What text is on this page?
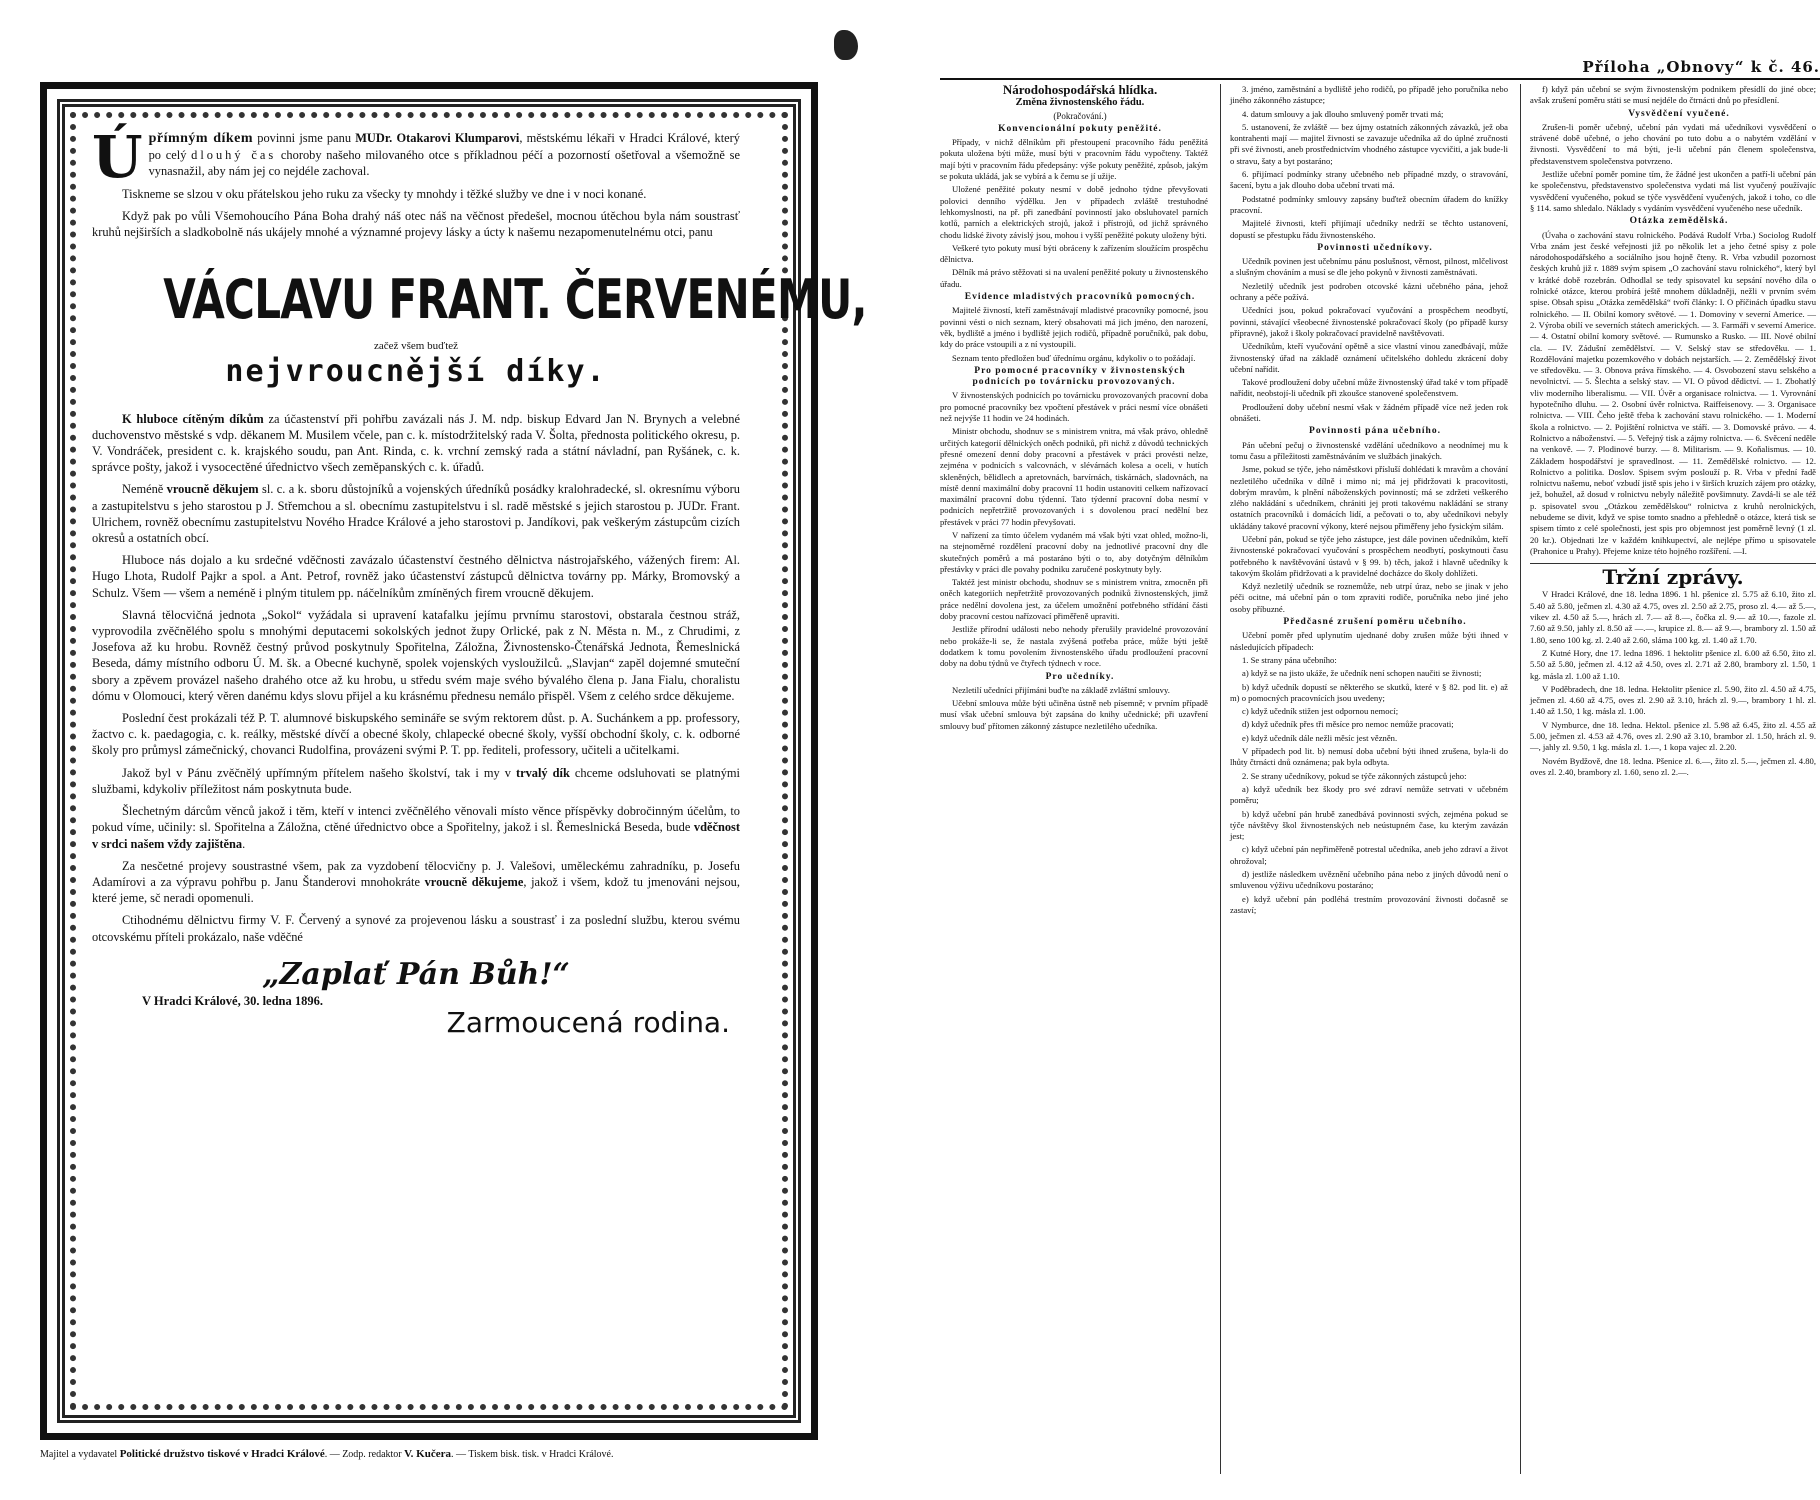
Úpřímným díkem povinni jsme panu MUDr. Otakarovi Klumparovi, městskému lékaři v Hradci Králové, který po celý dlouhý čas choroby našeho milovaného otce s příkladnou péčí a pozorností ošetřoval a všemožně se vynasnažil, aby nám jej co nejdéle zachoval.

Tiskneme se slzou v oku přátelskou jeho ruku za všecky ty mnohdy i těžké služby ve dne i v noci konané.

Když pak po vůli Všemohoucího Pána Boha drahý náš otec náš na věčnost předešel, mocnou útěchou byla nám soustrasť kruhů nejširších a sladkobolně nás ukájely mnohé a významné projevy lásky a úcty k našemu nezapomenutelnému otci, panu

VÁCLAVU FRANT. ČERVENÉMU,
začež všem buďtež
nejvroucnější díky.

K hluboce cítěným díkům za účastenství při pohřbu zavázali nás J. M. ndp. biskup Edvard Jan N. Brynych a velebné duchovenstvo městské s vdp. děkanem M. Musilem včele, pan c. k. místodržitelský rada V. Šolta, přednosta politického okresu, p. V. Vondráček, president c. k. krajského soudu, pan Ant. Rinda, c. k. vrchní zemský rada a státní návladní, pan Ryšánek, c. k. správce pošty, jakož i vysocectěné úřednictvo všech zeměpanských c. k. úřadů.

Neméně vroucně děkujem sl. c. a k. sboru důstojníků a vojenských úředníků posádky kralohradecké, sl. okresnímu výboru a zastupitelstvu s jeho starostou p J. Střemchou a sl. obecnímu zastupitelstvu i sl. radě městské s jejich starostou p. JUDr. Frant. Ulrichem, rovněž obecnímu zastupitelstvu Nového Hradce Králové a jeho starostovi p. Jandíkovi, pak veškerým zástupcům cizích okresů a ostatních obcí.

Hluboce nás dojalo a ku srdečné vděčnosti zavázalo účastenství čestného dělnictva nástrojařského, vážených firem: Al. Hugo Lhota, Rudolf Pajkr a spol. a Ant. Petrof, rovněž jako účastenství zástupců dělnictva továrny pp. Márky, Bromovský a Schulz. Všem — všem a neméně i plným titulem pp. náčelníkům zmíněných firem vroucně děkujem.

Slavná tělocvičná jednota „Sokol“ vyžádala si upravení katafalku jejímu prvnímu starostovi, obstarala čestnou stráž, vyprovodila zvěčnělého spolu s mnohými deputacemi sokolských jednot župy Orlické, pak z N. Města n. M., z Chrudimi, z Josefova až ku hrobu. Rovněž čestný průvod poskytnuly Spořitelna, Záložna, Živnostensko-Čtenářská Jednota, Řemeslnická Beseda, dámy místního odboru Ú. M. šk. a Obecné kuchyně, spolek vojenských vysloužilců. „Slavjan“ zapěl dojemné smuteční sbory a zpěvem provázel našeho drahého otce až ku hrobu, u středu svém maje svého bývalého člena p. Jana Fialu, choralistu dómu v Olomouci, který věren danému kdys slovu přijel a ku krásnému přednesu nemálo přispěl. Všem z celého srdce děkujeme.

Poslední čest prokázali též P. T. alumnové biskupského semináře se svým rektorem důst. p. A. Suchánkem a pp. professory, žactvo c. k. paedagogia, c. k. reálky, městské dívčí a obecné školy, chlapecké obecné školy, vyšší obchodní školy, c. k. odborné školy pro průmysl zámečnický, chovanci Rudolfina, provázeni svými P. T. pp. řediteli, professory, učiteli a učitelkami.

Jakož byl v Pánu zvěčnělý upřímným přítelem našeho školství, tak i my v trvalý dík chceme odsluhovati se platnými službami, kdykoliv příležitost nám poskytnuta bude.

Šlechetným dárcům věnců jakož i těm, kteří v intenci zvěčnělého věnovali místo věnce příspěvky dobročinným účelům, to pokud víme, učinily: sl. Spořitelna a Záložna, ctěné úřednictvo obce a Spořitelny, jakož i sl. Řemeslnická Beseda, bude vděčnost v srdci našem vždy zajištěna.

Za nesčetné projevy soustrastné všem, pak za vyzdobení tělocvičny p. J. Valešovi, uměleckému zahradníku, p. Josefu Adamírovi a za výpravu pohřbu p. Janu Štanderovi mnohokráte vroucně děkujeme, jakož i všem, kdož tu jmenováni nejsou, které jeme, sč neradi opomenuli.

Ctihodnému dělnictvu firmy V. F. Červený a synové za projevenou lásku a soustrasť i za poslední službu, kterou svému otcovskému příteli prokázalo, naše vděčné

„Zaplať Pán Bůh!“
V Hradci Králové, 30. ledna 1896.
Zarmoucená rodina.
Majitel a vydavatel Politické družstvo tiskové v Hradci Králové. — Zodp. redaktor V. Kučera. — Tiskem bisk. tisk. v Hradci Králové.
Příloha „Obnovy“ k č. 46.

Národohospodářská hlídka.

Změna živnostenského řádu.

(Pokračování.)

Konvencionální pokuty peněžité.

Případy, v nichž dělníkům při přestoupení pracovního řádu peněžitá pokuta uložena býti může, musí býti v pracovním řádu vypočteny. Taktéž mají býti v pracovním řádu předepsány: výše pokuty peněžité, způsob, jakým se pokuta ukládá, jak se vybírá a k čemu se jí užije.

Uložené peněžité pokuty nesmí v době jednoho týdne převyšovati polovici denního výdělku. Jen v případech zvláště trestuhodné lehkomyslnosti, na př. při zanedbání povinností jako obsluhovatel parních kotlů, parních a elektrických strojů, jakož i přístrojů, od jichž správného chodu lidské životy závislý jsou, mohou i vyšší peněžité pokuty uloženy býti.

Veškeré tyto pokuty musí býti obráceny k zařízením sloužícím prospěchu dělnictva.

Dělník má právo stěžovati si na uvalení peněžité pokuty u živnostenského úřadu.

Evidence mladistvých pracovníků pomocných.

Majitelé živností, kteří zaměstnávají mladistvé pracovníky pomocné, jsou povinni vésti o nich seznam, který obsahovati má jich jméno, den narození, věk, bydliště a jméno i bydliště jejich rodičů, případně poručníků, pak dobu, kdy do práce vstoupili a z ní vystoupili.

Seznam tento předložen buď úřednímu orgánu, kdykoliv o to požádají.

Pro pomocné pracovníky v živnostenských podnicích po továrnicku provozovaných.

V živnostenských podnicích po továrnicku provozovaných pracovní doba pro pomocné pracovníky bez vpočtení přestávek v práci nesmí více obnášeti než nejvýše 11 hodin ve 24 hodinách.

Ministr obchodu, shodnuv se s ministrem vnitra, má však právo, ohledně určitých kategorií dělnických oněch podniků, při nichž z důvodů technických přesné omezení denní doby pracovní a přestávek v práci provésti nelze, zejména v podnicích s valcovnách, v slévárnách kolesa a oceli, v hutích skleněných, bělidlech a apretovnách, barvírnách, tiskárnách, sladovnách, na místě denní maximální doby pracovní 11 hodin ustanoviti celkem nařízovací maximální pracovní dobu týdenní. Tato týdenní pracovní doba nesmí v podnicích nepřetržitě provozovaných i s dovolenou prací nedělní bez přestávek v práci 77 hodin převyšovati.

V nařízení za tímto účelem vydaném má však býti vzat ohled, možno-li, na stejnoměrné rozdělení pracovní doby na jednotlivé pracovní dny dle skutečných poměrů a má postaráno býti o to, aby dotyčným dělníkům přestávky v práci dle povahy podniku zaručené poskytnuty byly.

Taktéž jest ministr obchodu, shodnuv se s ministrem vnitra, zmocněn při oněch kategoriích nepřetržitě provozovaných podniků živnostenských, jimž práce nedělní dovolena jest, za účelem umožnění potřebného střídání části doby pracovní cestou nařízovací přiměřeně upraviti.

Jestliže přírodní události nebo nehody přerušily pravidelné provozování nebo prokáže-li se, že nastala zvýšená potřeba práce, může býti ještě dodatkem k tomu povolením živnostenského úřadu prodloužení pracovní doby na dobu týdnů ve čtyřech týdnech v roce.

Pro učedníky.

Nezletilí učedníci přijímáni buďte na základě zvláštní smlouvy.

Učební smlouva může býti učiněna ústně neb písemně; v prvním případě musí však učební smlouva být zapsána do knihy učednické; při uzavření smlouvy buď přítomen zákonný zástupce nezletilého učedníka.

3. jméno, zaměstnání a bydliště jeho rodičů, po případě jeho poručníka nebo jiného zákonného zástupce;

4. datum smlouvy a jak dlouho smluvený poměr trvati má;

5. ustanovení, že zvláště — bez újmy ostatních zákonných závazků, jež oba kontrahenti mají — majitel živnosti se zavazuje učedníka až do úplné zručnosti při své živnosti, aneb prostřednictvím vhodného zástupce vycvičiti, a jak bude-li o stravu, šaty a byt postaráno;

6. přijímací podmínky strany učebného neb případné mzdy, o stravování, šacení, bytu a jak dlouho doba učební trvati má.

Podstatné podmínky smlouvy zapsány buďtež obecním úřadem do knížky pracovní.

Majitelé živnosti, kteří přijímají učedníky nedrží se těchto ustanovení, dopustí se přestupku řádu živnostenského.

Povinnosti učedníkovy.

Učedník povinen jest učebnímu pánu poslušnost, věrnost, pilnost, mlčelivost a slušným chováním a musí se dle jeho pokynů v živnosti zaměstnávati.

Nezletilý učedník jest podroben otcovské kázni učebného pána, jehož ochrany a péče požívá.

Učedníci jsou, pokud pokračovací vyučování a prospěchem neodbytí, povinni, stávající všeobecné živnostenské pokračovací školy (po případě kursy přípravné), jakož i školy pokračovací pravidelně navštěvovati.

Učedníkům, kteří vyučování opětně a sice vlastní vinou zanedbávají, může živnostenský úřad na základě oznámení učitelského dohledu zkrácení doby učební nařídit.

Takové prodloužení doby učební může živnostenský úřad také v tom případě nařídit, neobstojí-li učedník při zkoušce stanovené společenstvem.

Prodloužení doby učební nesmí však v žádném případě více než jeden rok obnášeti.

Povinnosti pána učebního.

Pán učební pečuj o živnostenské vzdělání učedníkovo a neodnímej mu k tomu času a příležitosti zaměstnáváním ve službách jinakých.

Jsme, pokud se týče, jeho náměstkovi přísluší dohlédati k mravům a chování nezletilého učedníka v dílně i mimo ni; má jej přidržovati k pracovitosti, dobrým mravům, k plnění náboženských povinností; má se zdržeti veškerého zlého nakládání s učedníkem, chrániti jej proti takovému nakládání se strany ostatních pracovníků i domácích lidí, a pečovati o to, aby učedníkovi nebyly ukládány takové pracovní výkony, které nejsou přiměřeny jeho fysickým silám.

Učební pán, pokud se týče jeho zástupce, jest dále povinen učedníkům, kteří živnostenské pokračovací vyučování s prospěchem neodbytí, poskytnouti času potřebného k navštěvování ústavů v § 99. b) těch, jakož i hlavně učedníky k takovým školám přidržovati a k pravidelné docházce do školy dohlížeti.

Když nezletilý učedník se roznemůže, neb utrpí úraz, nebo se jinak v jeho péči ocitne, má učební pán o tom zpraviti rodiče, poručníka nebo jiné jeho osoby příbuzné.

Předčasné zrušení poměru učebního.

Učební poměr před uplynutím ujednané doby zrušen může býti ihned v následujících případech:

1. Se strany pána učebního:

a) když se na jisto ukáže, že učedník není schopen naučiti se živnosti;

b) když učedník dopustí se některého se skutků, které v § 82. pod lit. e) až m) o pomocných pracovnících jsou uvedeny;

c) když učedník stižen jest odpornou nemocí;

d) když učedník přes tři měsíce pro nemoc nemůže pracovati;

e) když učedník dále nežli měsíc jest vězněn.

V případech pod lit. b) nemusí doba učební býti ihned zrušena, byla-li do lhůty čtrnácti dnů oznámena; pak byla odbyta.

2. Se strany učedníkovy, pokud se týče zákonných zástupců jeho:

a) když učedník bez škody pro své zdraví nemůže setrvati v učebném poměru;

b) když učební pán hrubě zanedbává povinnosti svých, zejména pokud se týče návštěvy škol živnostenských neb neústupném čase, ku kterým zavázán jest;

c) když učební pán nepřiměřeně potrestal učedníka, aneb jeho zdraví a život ohrožoval;

d) jestliže následkem uvěznění učebního pána nebo z jiných důvodů není o smluvenou výživu učedníkovu postaráno;

e) když učební pán podléhá trestním provozování živnosti dočasně se zastaví;

f) když pán učební se svým živnostenským podnikem přesídlí do jiné obce; avšak zrušení poměru státi se musí nejdéle do čtrnácti dnů po přesídlení.

Vysvědčení vyučené.

Zrušen-li poměr učebný, učební pán vydati má učedníkovi vysvědčení o strávené době učebné, o jeho chování po tuto dobu a o nabytém vzdělání v živnosti. Vysvědčení to má býti, je-li učební pán členem společenstva, představenstvem společenstva potvrzeno.

Jestliže učební poměr pomine tím, že žádné jest ukončen a patří-li učební pán ke společenstvu, představenstvo společenstva vydati má list vyučený používajíc vysvědčení vyučeného, pokud se týče vysvědčení vyučených, jakož i toho, co dle § 114. samo shledalo. Náklady s vydáním vysvědčení vyučeného nese učedník.

Otázka zemědělská.

(Úvaha o zachování stavu rolnického. Podává Rudolf Vrba.) Sociolog Rudolf Vrba znám jest české veřejnosti již po několik let a jeho četné spisy z pole národohospodářského a sociálního jsou hojně čteny. R. Vrba vzbudil pozornost českých kruhů již r. 1889 svým spisem „O zachování stavu rolnického“, který byl v krátké době rozebrán. Odhodlal se tedy spisovatel ku sepsání nového díla o rolnické otázce, kterou probírá ještě mnohem důkladněji, nežli v prvním svém spise. Obsah spisu „Otázka zemědělská“ tvoří články: I. O příčinách úpadku stavu rolnického. — II. Obilní komory světové. — 1. Domoviny v severní Americe. — 2. Výroba obilí ve severních státech amerických. — 3. Farmáři v severní Americe. — 4. Ostatní obilní komory světové. — Rumunsko a Rusko. — III. Nové obilní cla. — IV. Zádušní zemědělství. — V. Selský stav se středověku. — 1. Rozdělování majetku pozemkového v dobách nejstarších. — 2. Zemědělský život ve středověku. — 3. Obnova práva římského. — 4. Osvobození stavu selského a nevolnictví. — 5. Šlechta a selský stav. — VI. O původ dědictví. — 1. Zbohatlý vliv moderního liberalismu. — VII. Úvěr a organisace rolnictva. — 1. Vyrovnání hypotečního dluhu. — 2. Osobní úvěr rolnictva. Raiffeisenovy. — 3. Organisace rolnictva. — VIII. Čeho ještě třeba k zachování stavu rolnického. — 1. Moderní škola a rolnictvo. — 2. Pojištění rolnictva ve stáří. — 3. Domovské právo. — 4. Rolnictvo a náboženství. — 5. Veřejný tisk a zájmy rolnictva. — 6. Svěcení neděle na venkově. — 7. Plodinové burzy. — 8. Militarism. — 9. Koňalismus. — 10. Základem hospodářství je spravedlnost. — 11. Zemědělské rolnictvo. — 12. Rolnictvo a politika. Doslov. Spisem svým poslouží p. R. Vrba v přední řadě rolnictvu našemu, neboť vzbudí jistě spis jeho i v širších kruzích zájem pro otázky, jež, bohužel, až dosud v rolnictvu nebyly náležitě povšimnuty. Zavdá-li se ale též p. spisovatel svou „Otázkou zemědělskou“ rolnictva z kruhů nerolnických, nebudeme se divit, když ve spise tomto snadno a přehledně o otázce, která tisk se spisem tímto z celé společnosti, jest spis pro objemnost jest poměrně levný (1 zl. 20 kr.). Objednati lze v každém knihkupectví, ale nejlépe přímo u spisovatele (Prahonice u Prahy). Přejeme knize této hojného rozšíření. —I.

Tržní zprávy.

V Hradci Králové, dne 18. ledna 1896. 1 hl. pšenice zl. 5.75 až 6.10, žito zl. 5.40 až 5.80, ječmen zl. 4.30 až 4.75, oves zl. 2.50 až 2.75, proso zl. 4.— až 5.—, vikev zl. 4.50 až 5.—, hrách zl. 7.— až 8.—, čočka zl. 9.— až 10.—, fazole zl. 7.60 až 9.50, jahly zl. 8.50 až —.—, krupice zl. 8.— až 9.—, brambory zl. 1.50 až 1.80, seno 100 kg. zl. 2.40 až 2.60, sláma 100 kg. zl. 1.40 až 1.70.

Z Kutné Hory, dne 17. ledna 1896. 1 hektolitr pšenice zl. 6.00 až 6.50, žito zl. 5.50 až 5.80, ječmen zl. 4.12 až 4.50, oves zl. 2.71 až 2.80, brambory zl. 1.50, 1 kg. másla zl. 1.00 až 1.10.

V Poděbradech, dne 18. ledna. Hektolitr pšenice zl. 5.90, žito zl. 4.50 až 4.75, ječmen zl. 4.60 až 4.75, oves zl. 2.90 až 3.10, hrách zl. 9.—, brambory 1 hl. zl. 1.40 až 1.50, 1 kg. másla zl. 1.00.

V Nymburce, dne 18. ledna. Hektol. pšenice zl. 5.98 až 6.45, žito zl. 4.55 až 5.00, ječmen zl. 4.53 až 4.76, oves zl. 2.90 až 3.10, brambor zl. 1.50, hrách zl. 9.—, jahly zl. 9.50, 1 kg. másla zl. 1.—, 1 kopa vajec zl. 2.20.

Novém Bydžově, dne 18. ledna. Pšenice zl. 6.—, žito zl. 5.—, ječmen zl. 4.80, oves zl. 2.40, brambory zl. 1.60, seno zl. 2.—.
